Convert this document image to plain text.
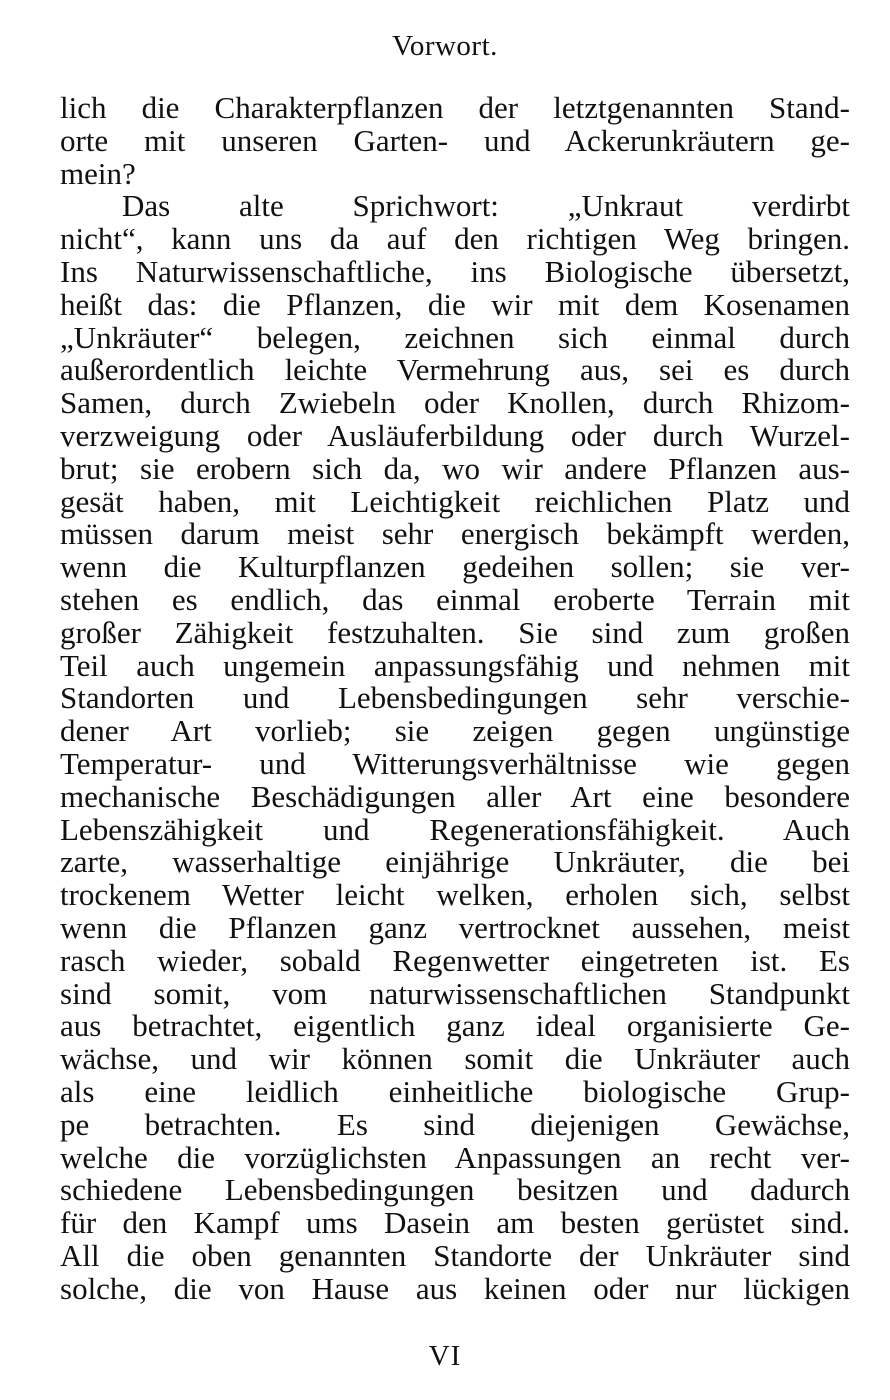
Vorwort.
lich die Charakterpflanzen der letztgenannten Stand-
orte mit unseren Garten- und Ackerunkräutern ge-
mein?
Das alte Sprichwort: „Unkraut verdirbt
nicht“, kann uns da auf den richtigen Weg bringen.
Ins Naturwissenschaftliche, ins Biologische übersetzt,
heißt das: die Pflanzen, die wir mit dem Kosenamen
„Unkräuter“ belegen, zeichnen sich einmal durch
außerordentlich leichte Vermehrung aus, sei es durch
Samen, durch Zwiebeln oder Knollen, durch Rhizom-
verzweigung oder Ausläuferbildung oder durch Wurzel-
brut; sie erobern sich da, wo wir andere Pflanzen aus-
gesät haben, mit Leichtigkeit reichlichen Platz und
müssen darum meist sehr energisch bekämpft werden,
wenn die Kulturpflanzen gedeihen sollen; sie ver-
stehen es endlich, das einmal eroberte Terrain mit
großer Zähigkeit festzuhalten. Sie sind zum großen
Teil auch ungemein anpassungsfähig und nehmen mit
Standorten und Lebensbedingungen sehr verschie-
dener Art vorlieb; sie zeigen gegen ungünstige
Temperatur- und Witterungsverhältnisse wie gegen
mechanische Beschädigungen aller Art eine besondere
Lebenszähigkeit und Regenerationsfähigkeit. Auch
zarte, wasserhaltige einjährige Unkräuter, die bei
trockenem Wetter leicht welken, erholen sich, selbst
wenn die Pflanzen ganz vertrocknet aussehen, meist
rasch wieder, sobald Regenwetter eingetreten ist. Es
sind somit, vom naturwissenschaftlichen Standpunkt
aus betrachtet, eigentlich ganz ideal organisierte Ge-
wächse, und wir können somit die Unkräuter auch
als eine leidlich einheitliche biologische Grup-
pe betrachten. Es sind diejenigen Gewächse,
welche die vorzüglichsten Anpassungen an recht ver-
schiedene Lebensbedingungen besitzen und dadurch
für den Kampf ums Dasein am besten gerüstet sind.
All die oben genannten Standorte der Unkräuter sind
solche, die von Hause aus keinen oder nur lückigen
VI
